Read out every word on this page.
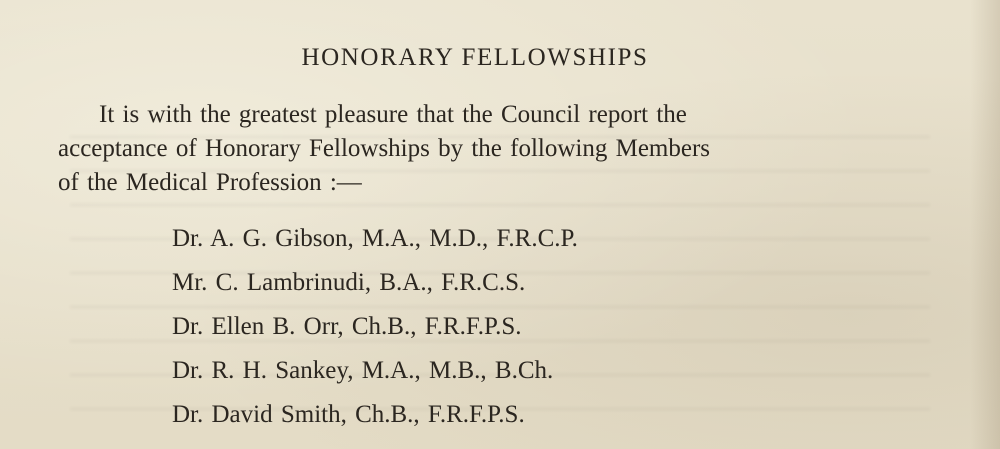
HONORARY FELLOWSHIPS
It is with the greatest pleasure that the Council report the
acceptance of Honorary Fellowships by the following Members
of the Medical Profession :—
Dr. A. G. Gibson, M.A., M.D., F.R.C.P.
Mr. C. Lambrinudi, B.A., F.R.C.S.
Dr. Ellen B. Orr, Ch.B., F.R.F.P.S.
Dr. R. H. Sankey, M.A., M.B., B.Ch.
Dr. David Smith, Ch.B., F.R.F.P.S.
